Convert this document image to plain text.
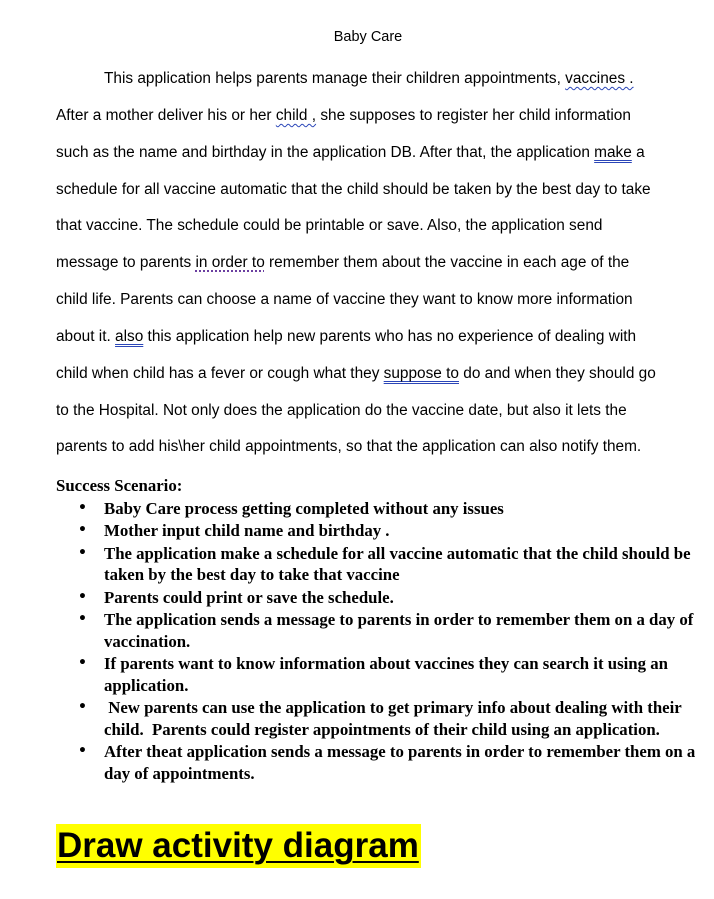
Baby Care
This application helps parents manage their children appointments, vaccines .
After a mother deliver his or her child , she supposes to register her child information
such as the name and birthday in the application DB. After that, the application make a
schedule for all vaccine automatic that the child should be taken by the best day to take
that vaccine. The schedule could be printable or save. Also, the application send
message to parents in order to remember them about the vaccine in each age of the
child life. Parents can choose a name of vaccine they want to know more information
about it. also this application help new parents who has no experience of dealing with
child when child has a fever or cough what they suppose to do and when they should go
to the Hospital. Not only does the application do the vaccine date, but also it lets the
parents to add his\her child appointments, so that the application can also notify them.
Success Scenario:
• Baby Care process getting completed without any issues
• Mother input child name and birthday .
• The application make a schedule for all vaccine automatic that the child should be taken by the best day to take that vaccine
• Parents could print or save the schedule.
• The application sends a message to parents in order to remember them on a day of vaccination.
• If parents want to know information about vaccines they can search it using an application.
• New parents can use the application to get primary info about dealing with their child.  Parents could register appointments of their child using an application.
• After theat application sends a message to parents in order to remember them on a day of appointments.
Draw activity diagram
